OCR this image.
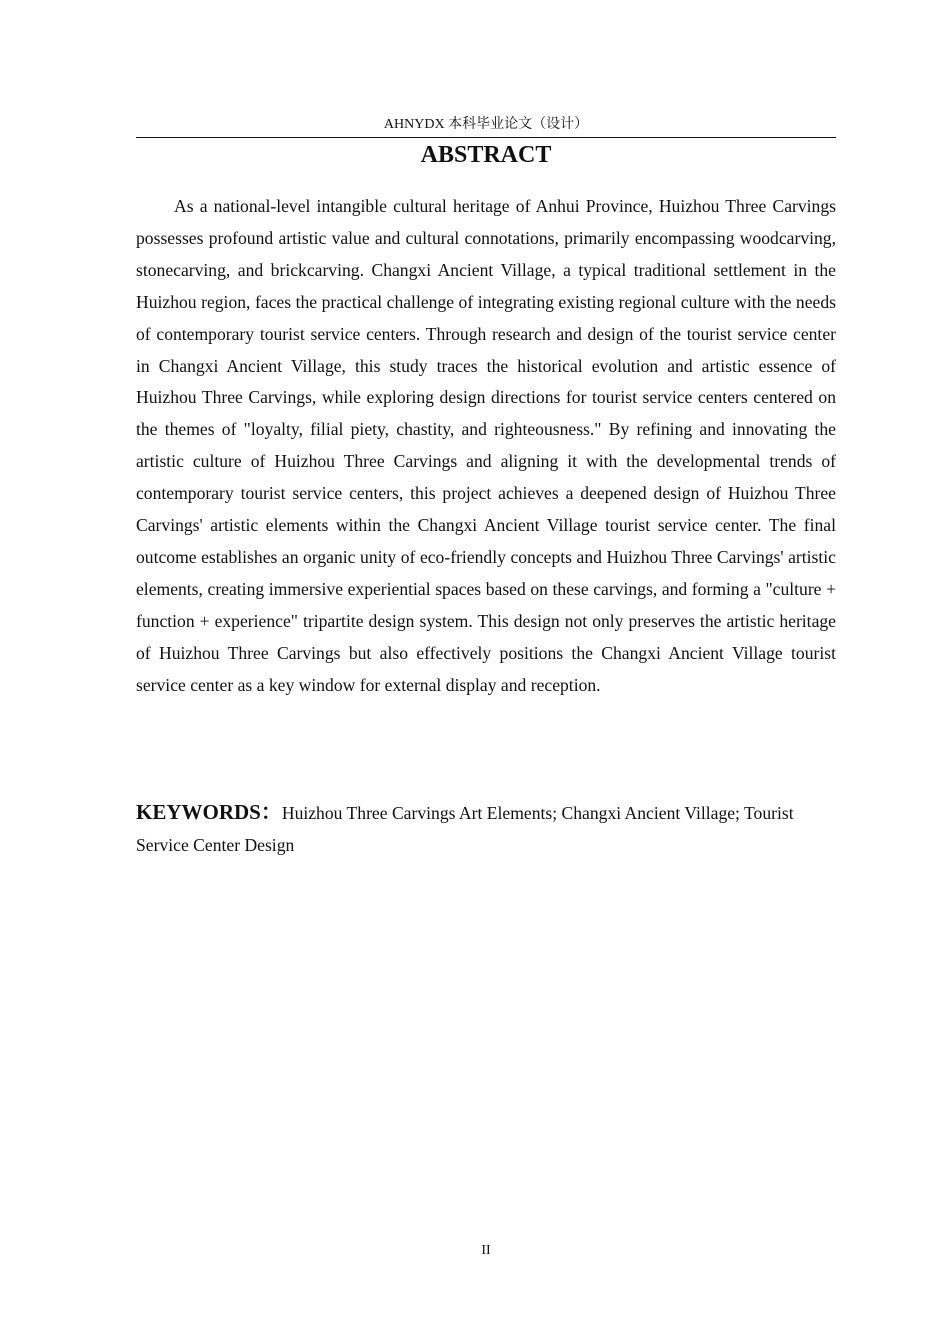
AHNYDX 本科毕业论文（设计）
ABSTRACT

As a national-level intangible cultural heritage of Anhui Province, Huizhou Three Carvings possesses profound artistic value and cultural connotations, primarily encompassing woodcarving, stonecarving, and brickcarving. Changxi Ancient Village, a typical traditional settlement in the Huizhou region, faces the practical challenge of integrating existing regional culture with the needs of contemporary tourist service centers. Through research and design of the tourist service center in Changxi Ancient Village, this study traces the historical evolution and artistic essence of Huizhou Three Carvings, while exploring design directions for tourist service centers centered on the themes of "loyalty, filial piety, chastity, and righteousness." By refining and innovating the artistic culture of Huizhou Three Carvings and aligning it with the developmental trends of contemporary tourist service centers, this project achieves a deepened design of Huizhou Three Carvings' artistic elements within the Changxi Ancient Village tourist service center. The final outcome establishes an organic unity of eco-friendly concepts and Huizhou Three Carvings' artistic elements, creating immersive experiential spaces based on these carvings, and forming a "culture + function + experience" tripartite design system. This design not only preserves the artistic heritage of Huizhou Three Carvings but also effectively positions the Changxi Ancient Village tourist service center as a key window for external display and reception.

KEYWORDS：Huizhou Three Carvings Art Elements; Changxi Ancient Village; Tourist Service Center Design

II
